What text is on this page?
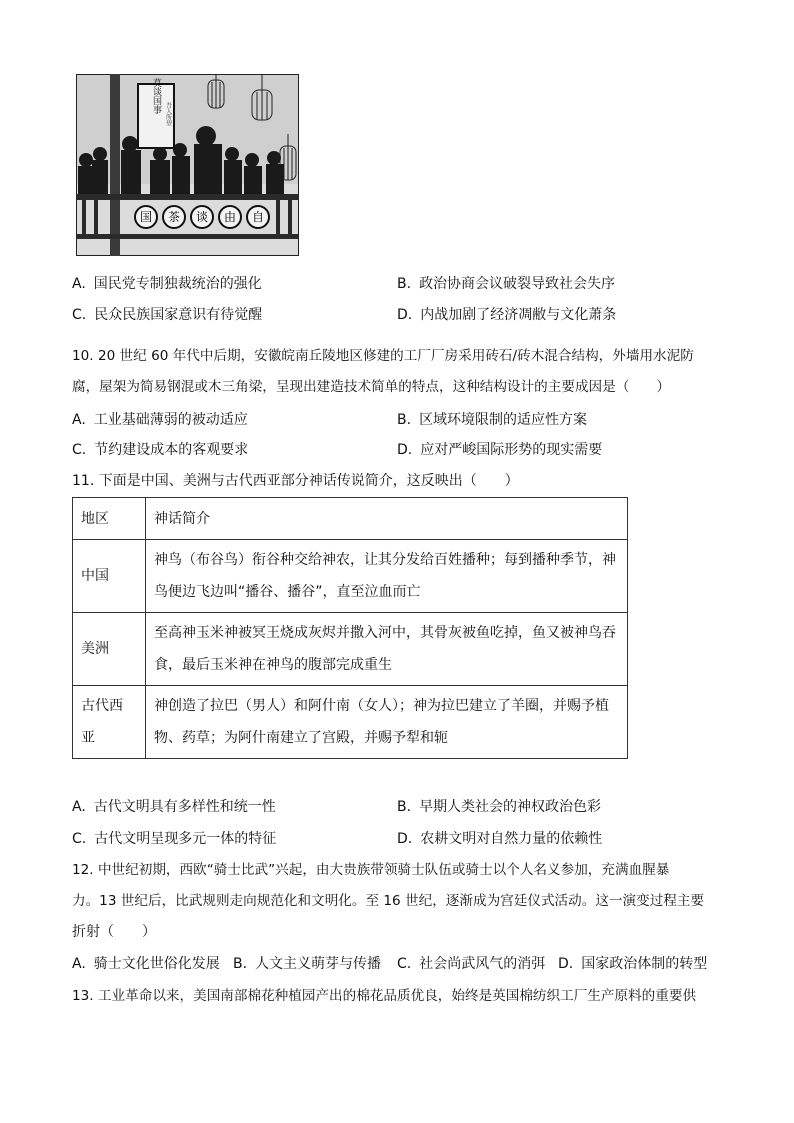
莫谈国事
国 茶 谈 由 自
吾人所望
A. 国民党专制独裁统治的强化	B. 政治协商会议破裂导致社会失序
C. 民众民族国家意识有待觉醒	D. 内战加剧了经济凋敝与文化萧条
10. 20 世纪 60 年代中后期，安徽皖南丘陵地区修建的工厂厂房采用砖石/砖木混合结构，外墙用水泥防
腐，屋架为简易钢混或木三角梁，呈现出建造技术简单的特点，这种结构设计的主要成因是（　　）
A. 工业基础薄弱的被动适应	B. 区域环境限制的适应性方案
C. 节约建设成本的客观要求	D. 应对严峻国际形势的现实需要
11. 下面是中国、美洲与古代西亚部分神话传说简介，这反映出（　　）
地区	神话简介

中国	神鸟（布谷鸟）衔谷种交给神农，让其分发给百姓播种；每到播种季节，神
鸟便边飞边叫“播谷、播谷”，直至泣血而亡

美洲	至高神玉米神被冥王烧成灰烬并撒入河中，其骨灰被鱼吃掉，鱼又被神鸟吞
食，最后玉米神在神鸟的腹部完成重生

古代西
亚	神创造了拉巴（男人）和阿什南（女人）；神为拉巴建立了羊圈，并赐予植
物、药草；为阿什南建立了宫殿，并赐予犁和轭
A. 古代文明具有多样性和统一性	B. 早期人类社会的神权政治色彩
C. 古代文明呈现多元一体的特征	D. 农耕文明对自然力量的依赖性
12. 中世纪初期，西欧“骑士比武”兴起，由大贵族带领骑士队伍或骑士以个人名义参加，充满血腥暴
力。13 世纪后，比武规则走向规范化和文明化。至 16 世纪，逐渐成为宫廷仪式活动。这一演变过程主要
折射（　　）
A. 骑士文化世俗化发展 B. 人文主义萌芽与传播 C. 社会尚武风气的消弭 D. 国家政治体制的转型
13. 工业革命以来，美国南部棉花种植园产出的棉花品质优良，始终是英国棉纺织工厂生产原料的重要供
